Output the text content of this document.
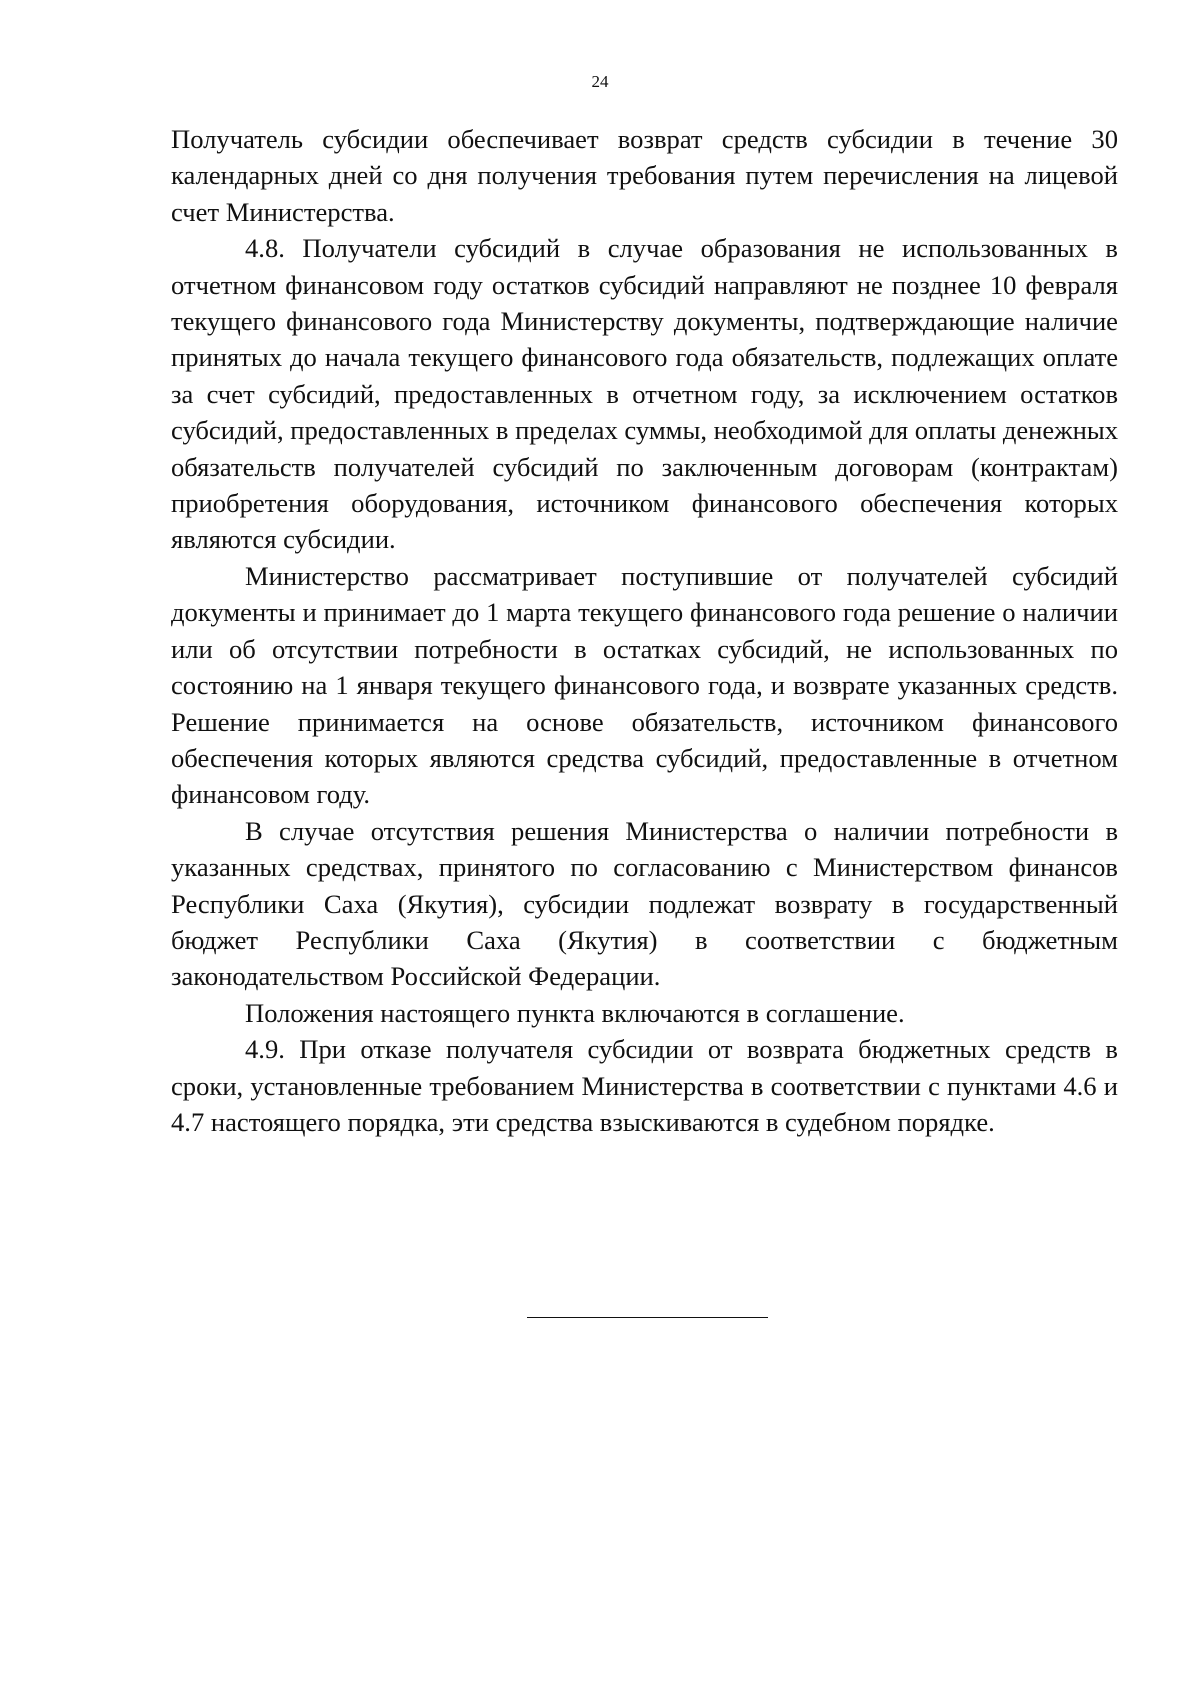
24

Получатель субсидии обеспечивает возврат средств субсидии в течение 30 календарных дней со дня получения требования путем перечисления на лицевой счет Министерства.

4.8. Получатели субсидий в случае образования не использованных в отчетном финансовом году остатков субсидий направляют не позднее 10 февраля текущего финансового года Министерству документы, подтверждающие наличие принятых до начала текущего финансового года обязательств, подлежащих оплате за счет субсидий, предоставленных в отчетном году, за исключением остатков субсидий, предоставленных в пределах суммы, необходимой для оплаты денежных обязательств получателей субсидий по заключенным договорам (контрактам) приобретения оборудования, источником финансового обеспечения которых являются субсидии.

Министерство рассматривает поступившие от получателей субсидий документы и принимает до 1 марта текущего финансового года решение о наличии или об отсутствии потребности в остатках субсидий, не использованных по состоянию на 1 января текущего финансового года, и возврате указанных средств. Решение принимается на основе обязательств, источником финансового обеспечения которых являются средства субсидий, предоставленные в отчетном финансовом году.

В случае отсутствия решения Министерства о наличии потребности в указанных средствах, принятого по согласованию с Министерством финансов Республики Саха (Якутия), субсидии подлежат возврату в государственный бюджет Республики Саха (Якутия) в соответствии с бюджетным законодательством Российской Федерации.

Положения настоящего пункта включаются в соглашение.

4.9. При отказе получателя субсидии от возврата бюджетных средств в сроки, установленные требованием Министерства в соответствии с пунктами 4.6 и 4.7 настоящего порядка, эти средства взыскиваются в судебном порядке.
